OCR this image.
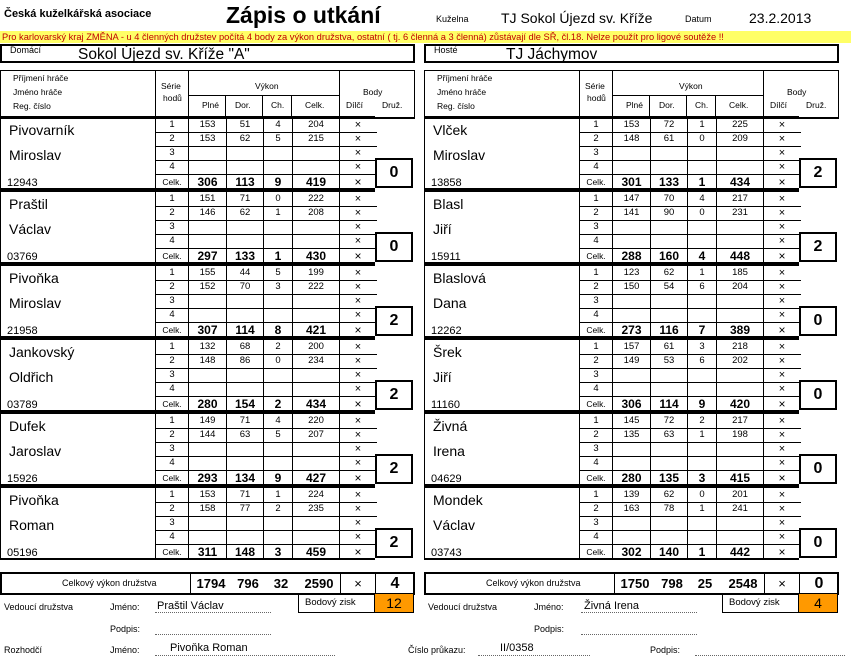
Česká kuželkářská asociace	Zápis o utkání	Kuželna TJ Sokol Újezd sv. Kříže	Datum	23.2.2013
Pro karlovarský kraj ZMĚNA - u 4 členných družstev počítá 4 body za výkon družstva, ostatní ( tj. 6 členná a 3 členná) zůstávají dle SŘ, čl.18. Nelze použít pro ligové soutěže !!
Domácí Sokol Újezd sv. Kříže "A"	Hosté	TJ Jáchymov
Příjmení hráče
Jméno hráče
Reg. číslo
Série
hodů
Výkon
Plné Dor. Ch. Celk.
Body
Dílčí Druž.
Pivovarník
Miroslav
12943
1	153	51	4	204	×
2	153	62	5	215	×
3	×
4	×
Celk.	306	113	9	419	×
0
Praštil
Václav
03769
1	151	71	0	222	×
2	146	62	1	208	×
3	×
4	×
Celk.	297	133	1	430	×
0
Pivoňka
Miroslav
21958
1	155	44	5	199	×
2	152	70	3	222	×
3	×
4	×
Celk.	307	114	8	421	×
2
Jankovský
Oldřich
03789
1	132	68	2	200	×
2	148	86	0	234	×
3	×
4	×
Celk.	280	154	2	434	×
2
Dufek
Jaroslav
15926
1	149	71	4	220	×
2	144	63	5	207	×
3	×
4	×
Celk.	293	134	9	427	×
2
Pivoňka
Roman
05196
1	153	71	1	224	×
2	158	77	2	235	×
3	×
4	×
Celk.	311	148	3	459	×
2
Celkový výkon družstva	1794 796	32	2590	×	4
Příjmení hráče
Jméno hráče
Reg. číslo
Série
hodů
Výkon
Plné Dor. Ch. Celk.
Body
Dílčí Druž.
Vlček
Miroslav
13858
1	153	72	1	225	×
2	148	61	0	209	×
3	×
4	×
Celk.	301	133	1	434	×
2
Blasl
Jiří
15911
1	147	70	4	217	×
2	141	90	0	231	×
3	×
4	×
Celk.	288	160	4	448	×
2
Blaslová
Dana
12262
1	123	62	1	185	×
2	150	54	6	204	×
3	×
4	×
Celk.	273	116	7	389	×
0
Šrek
Jiří
11160
1	157	61	3	218	×
2	149	53	6	202	×
3	×
4	×
Celk.	306	114	9	420	×
0
Živná
Irena
04629
1	145	72	2	217	×
2	135	63	1	198	×
3	×
4	×
Celk.	280	135	3	415	×
0
Mondek
Václav
03743
1	139	62	0	201	×
2	163	78	1	241	×
3	×
4	×
Celk.	302	140	1	442	×
0
Celkový výkon družstva	1750 798	25	2548	×	0
Bodový zisk	12	Bodový zisk	4
Vedoucí družstva	Jméno: Praštil Václav
Podpis:
Vedoucí družstva	Jméno: Živná Irena
Podpis:
Rozhodčí	Jméno:	Pivoňka Roman	Číslo průkazu:	II/0358	Podpis:
